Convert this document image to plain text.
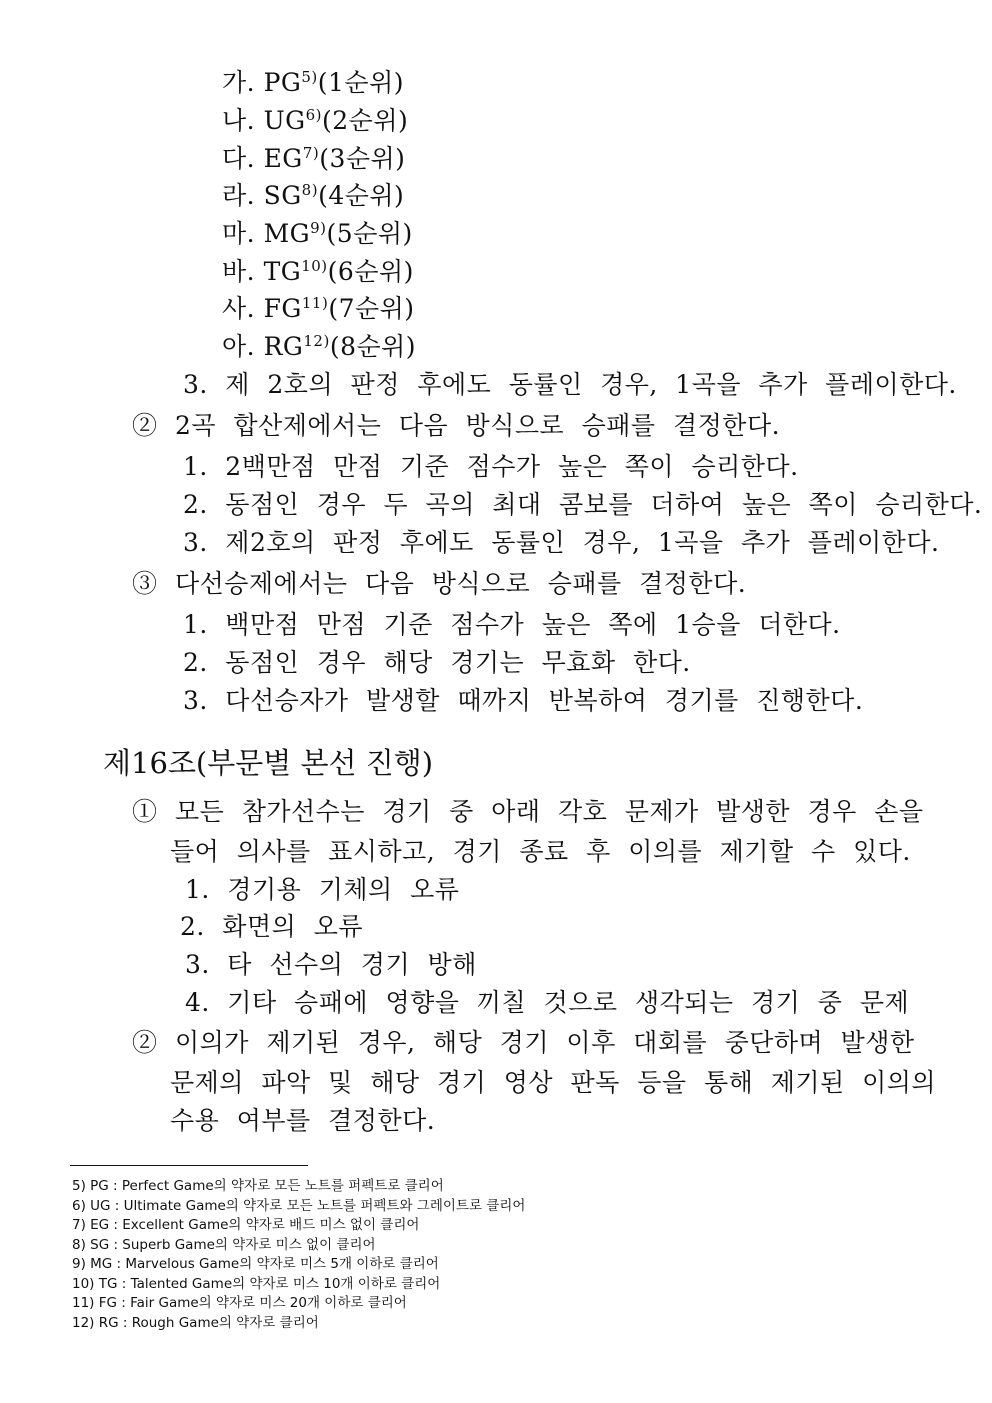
가. PG$^{5)}$(1순위)
나. UG$^{6)}$(2순위)
다. EG$^{7)}$(3순위)
라. SG$^{8)}$(4순위)
마. MG$^{9)}$(5순위)
바. TG$^{10)}$(6순위)
사. FG$^{11)}$(7순위)
아. RG$^{12)}$(8순위)
3. 제 2호의 판정 후에도 동률인 경우, 1곡을 추가 플레이한다.
② 2곡 합산제에서는 다음 방식으로 승패를 결정한다.
1. 2백만점 만점 기준 점수가 높은 쪽이 승리한다.
2. 동점인 경우 두 곡의 최대 콤보를 더하여 높은 쪽이 승리한다.
3. 제2호의 판정 후에도 동률인 경우, 1곡을 추가 플레이한다.
③ 다선승제에서는 다음 방식으로 승패를 결정한다.
1. 백만점 만점 기준 점수가 높은 쪽에 1승을 더한다.
2. 동점인 경우 해당 경기는 무효화 한다.
3. 다선승자가 발생할 때까지 반복하여 경기를 진행한다.
제16조(부문별 본선 진행)
① 모든 참가선수는 경기 중 아래 각호 문제가 발생한 경우 손을
들어 의사를 표시하고, 경기 종료 후 이의를 제기할 수 있다.
1. 경기용 기체의 오류
2. 화면의 오류
3. 타 선수의 경기 방해
4. 기타 승패에 영향을 끼칠 것으로 생각되는 경기 중 문제
② 이의가 제기된 경우, 해당 경기 이후 대회를 중단하며 발생한
문제의 파악 및 해당 경기 영상 판독 등을 통해 제기된 이의의
수용 여부를 결정한다.
5) PG : Perfect Game의 약자로 모든 노트를 퍼펙트로 클리어
6) UG : Ultimate Game의 약자로 모든 노트를 퍼펙트와 그레이트로 클리어
7) EG : Excellent Game의 약자로 배드 미스 없이 클리어
8) SG : Superb Game의 약자로 미스 없이 클리어
9) MG : Marvelous Game의 약자로 미스 5개 이하로 클리어
10) TG : Talented Game의 약자로 미스 10개 이하로 클리어
11) FG : Fair Game의 약자로 미스 20개 이하로 클리어
12) RG : Rough Game의 약자로 클리어
